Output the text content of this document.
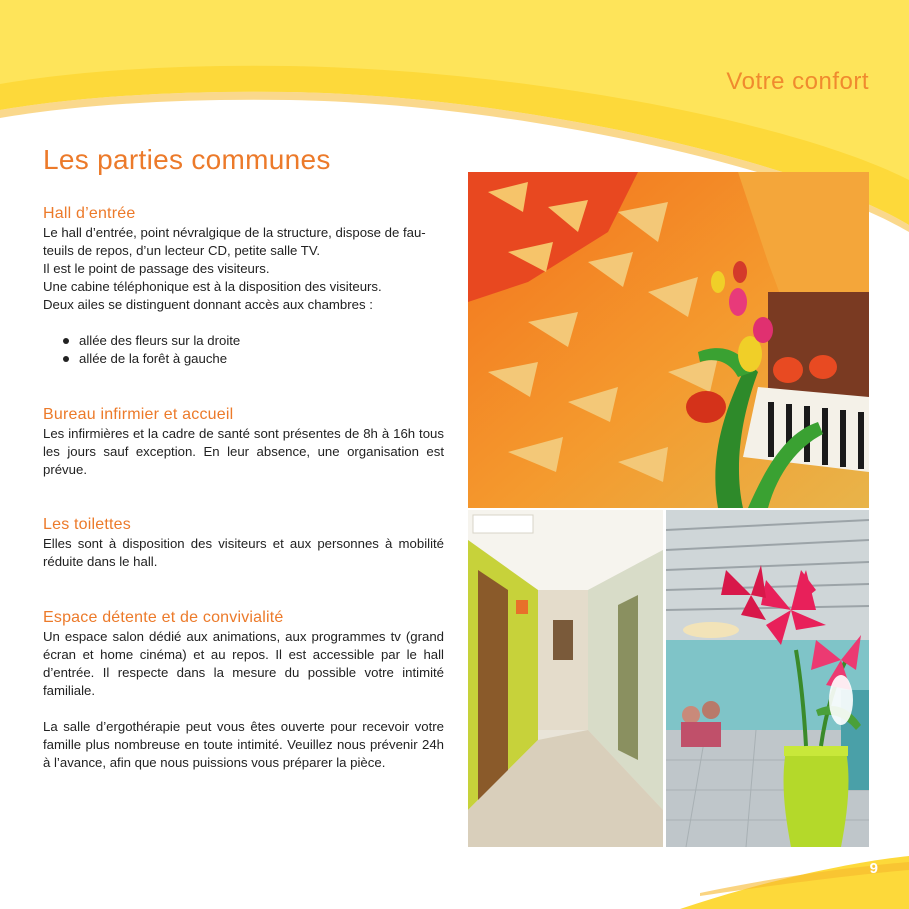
Votre confort
Les parties communes
Hall d’entrée

Le hall d’entrée, point névralgique de la structure, dispose de fau-

teuils de repos, d’un lecteur CD, petite salle TV.

Il est le point de passage des visiteurs.

Une cabine téléphonique est à la disposition des visiteurs.

Deux ailes se distinguent donnant accès aux chambres :

allée des fleurs sur la droite
allée de la forêt à gauche
Bureau infirmier et accueil

Les infirmières et la cadre de santé sont présentes de 8h à 16h tous les jours sauf exception. En leur absence, une organisation est prévue.

Les toilettes

Elles sont à disposition des visiteurs et aux personnes à mobilité réduite dans le hall.

Espace détente et de convivialité

Un espace salon dédié aux animations, aux programmes tv (grand écran et home cinéma) et au repos. Il est accessible par le hall d’entrée. Il respecte dans la mesure du possible votre intimité familiale.

La salle d’ergothérapie peut vous êtes ouverte pour recevoir votre famille plus nombreuse en toute intimité. Veuillez nous prévenir 24h à l’avance, afin que nous puissions vous préparer la pièce.

9
